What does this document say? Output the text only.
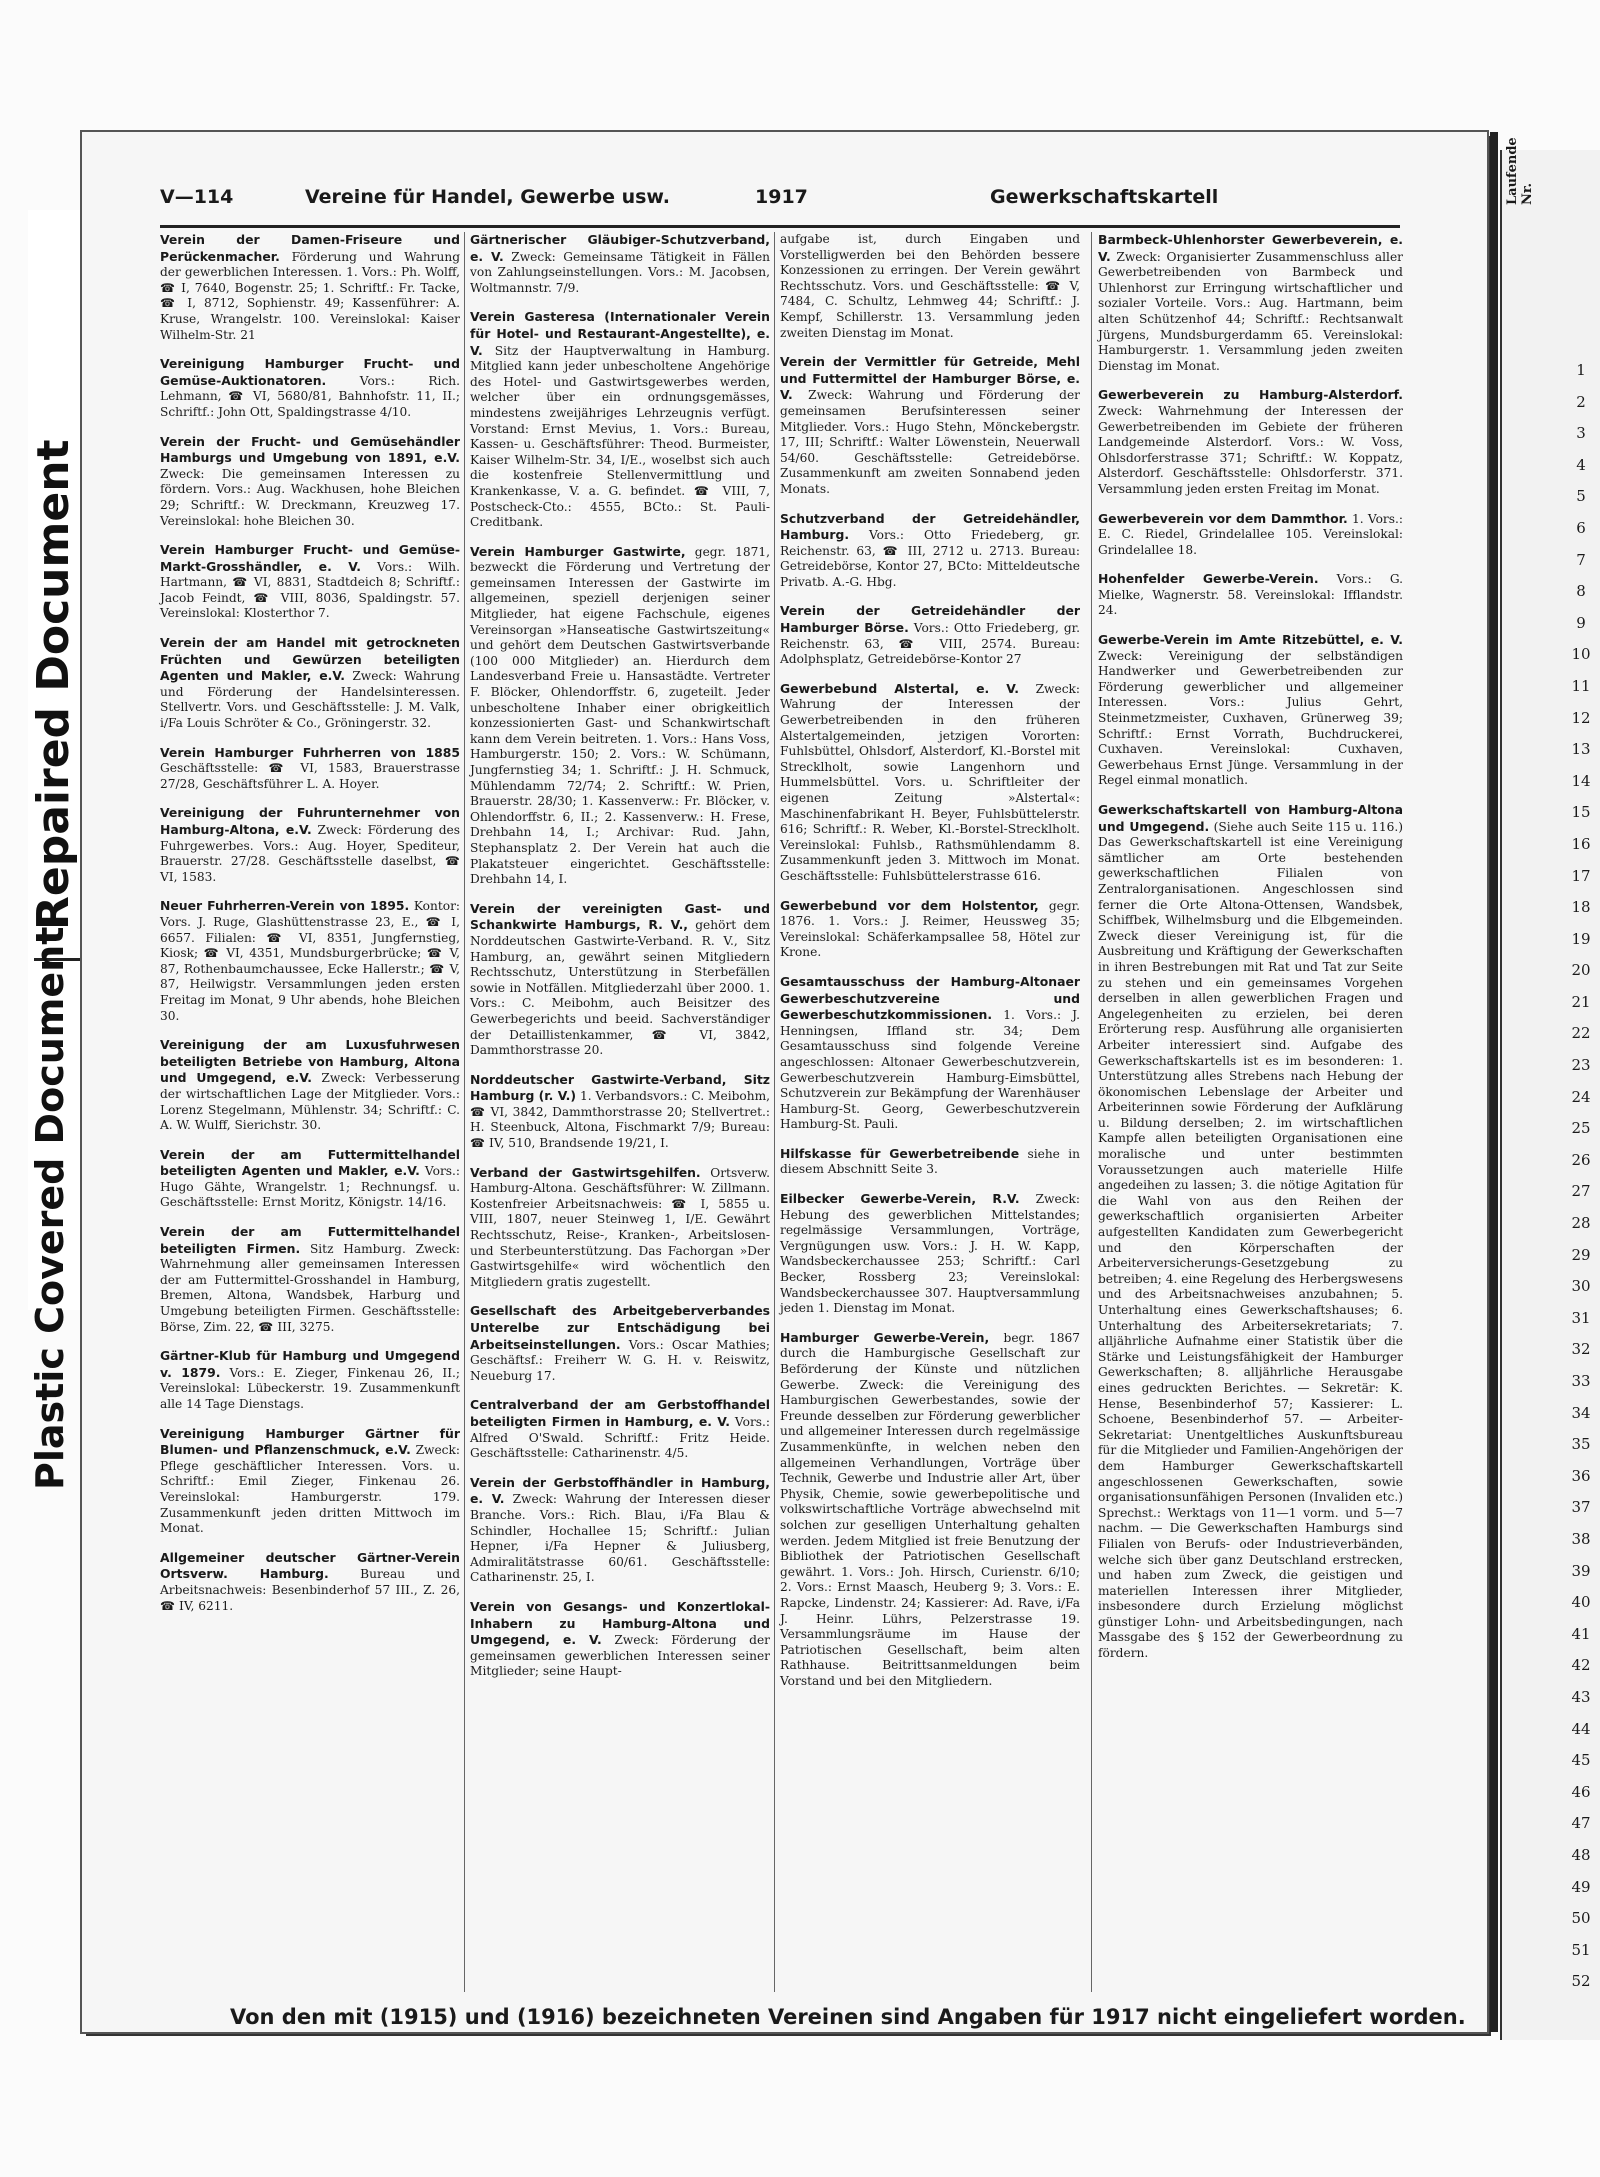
Repaired Document
Plastic Covered Document
Laufende Nr.
1
2
3
4
5
6
7
8
9
10
11
12
13
14
15
16
17
18
19
20
21
22
23
24
25
26
27
28
29
30
31
32
33
34
35
36
37
38
39
40
41
42
43
44
45
46
47
48
49
50
51
52
V—114	Vereine für Handel, Gewerbe usw.	1917	Gewerkschaftskartell
Verein der Damen-Friseure und Perückenmacher. Förderung und Wahrung der gewerblichen Interessen. 1. Vors.: Ph. Wolff, ☎ I, 7640, Bogenstr. 25; 1. Schriftf.: Fr. Tacke, ☎ I, 8712, Sophienstr. 49; Kassenführer: A. Kruse, Wrangelstr. 100. Vereinslokal: Kaiser Wilhelm-Str. 21
Vereinigung Hamburger Frucht- und Gemüse-Auktionatoren.	Vors.: Rich. Lehmann, ☎ VI, 5680/81, Bahnhofstr. 11, II.; Schriftf.: John Ott, Spaldingstrasse 4/10.
Verein der Frucht- und Gemüsehändler Hamburgs und Umgebung von 1891, e.V. Zweck: Die gemeinsamen Interessen zu fördern. Vors.: Aug. Wackhusen, hohe Bleichen 29; Schriftf.: W. Dreckmann, Kreuzweg 17. Vereinslokal: hohe Bleichen 30.
Verein Hamburger Frucht- und Gemüse-Markt-Grosshändler, e. V. Vors.: Wilh. Hartmann, ☎ VI, 8831, Stadtdeich 8; Schriftf.: Jacob Feindt, ☎ VIII, 8036, Spaldingstr. 57. Vereinslokal: Klosterthor 7.
Verein der am Handel mit getrockneten Früchten und Gewürzen beteiligten Agenten und Makler, e.V. Zweck: Wahrung und Förderung der Handelsinteressen. Stellvertr. Vors. und Geschäftsstelle: J. M. Valk, i/Fa Louis Schröter & Co., Gröningerstr. 32.
Verein Hamburger Fuhrherren von 1885 Geschäftsstelle: ☎ VI, 1583, Brauerstrasse 27/28, Geschäftsführer L. A. Hoyer.
Vereinigung der Fuhrunternehmer von Hamburg-Altona, e.V. Zweck: Förderung des Fuhrgewerbes. Vors.: Aug. Hoyer, Spediteur, Brauerstr. 27/28. Geschäftsstelle daselbst, ☎ VI, 1583.
Neuer Fuhrherren-Verein von 1895. Kontor: Vors. J. Ruge, Glashüttenstrasse 23, E., ☎ I, 6657. Filialen: ☎ VI, 8351, Jungfernstieg, Kiosk; ☎ VI, 4351, Mundsburgerbrücke; ☎ V, 87, Rothenbaumchaussee, Ecke Hallerstr.; ☎ V, 87, Heilwigstr. Versammlungen jeden ersten Freitag im Monat, 9 Uhr abends, hohe Bleichen 30.
Vereinigung der am Luxusfuhrwesen beteiligten Betriebe von Hamburg, Altona und Umgegend, e.V. Zweck: Verbesserung der wirtschaftlichen Lage der Mitglieder. Vors.: Lorenz Stegelmann, Mühlenstr. 34; Schriftf.: C. A. W. Wulff, Sierichstr. 30.
Verein der am Futtermittelhandel beteiligten Agenten und Makler, e.V. Vors.: Hugo Gähte, Wrangelstr. 1; Rechnungsf. u. Geschäftsstelle: Ernst Moritz, Königstr. 14/16.
Verein der am Futtermittelhandel beteiligten Firmen. Sitz Hamburg. Zweck: Wahrnehmung aller gemeinsamen Interessen der am Futtermittel-Grosshandel in Hamburg, Bremen, Altona, Wandsbek, Harburg und Umgebung beteiligten Firmen. Geschäftsstelle: Börse, Zim. 22, ☎ III, 3275.
Gärtner-Klub für Hamburg und Umgegend v. 1879. Vors.: E. Zieger, Finkenau 26, II.; Vereinslokal: Lübeckerstr. 19. Zusammenkunft alle 14 Tage Dienstags.
Vereinigung Hamburger Gärtner für Blumen- und Pflanzenschmuck, e.V. Zweck: Pflege geschäftlicher Interessen. Vors. u. Schriftf.: Emil Zieger, Finkenau 26. Vereinslokal: Hamburgerstr. 179. Zusammenkunft jeden dritten Mittwoch im Monat.
Allgemeiner deutscher Gärtner-Verein Ortsverw. Hamburg.	Bureau und Arbeitsnachweis: Besenbinderhof 57 III., Z. 26, ☎ IV, 6211.
Gärtnerischer Gläubiger-Schutzverband, e. V. Zweck: Gemeinsame Tätigkeit in Fällen von Zahlungseinstellungen. Vors.: M. Jacobsen, Woltmannstr. 7/9.
Verein Gasteresa (Internationaler Verein für Hotel- und Restaurant-Angestellte), e. V. Sitz der Hauptverwaltung in Hamburg. Mitglied kann jeder unbescholtene Angehörige des Hotel- und Gastwirtsgewerbes werden, welcher über ein ordnungsgemässes, mindestens zweijähriges Lehrzeugnis verfügt. Vorstand: Ernst Mevius, 1. Vors.: Bureau, Kassen- u. Geschäftsführer: Theod. Burmeister, Kaiser Wilhelm-Str. 34, I/E., woselbst sich auch die kostenfreie Stellenvermittlung und Krankenkasse, V. a. G. befindet. ☎ VIII, 7, Postscheck-Cto.: 4555, BCto.: St. Pauli-Creditbank.
Verein Hamburger Gastwirte, gegr. 1871, bezweckt die Förderung und Vertretung der gemeinsamen Interessen der Gastwirte im allgemeinen, speziell derjenigen seiner Mitglieder, hat eigene Fachschule, eigenes Vereinsorgan »Hanseatische Gastwirtszeitung« und gehört dem Deutschen Gastwirtsverbande (100 000 Mitglieder) an. Hierdurch dem Landesverband Freie u. Hansastädte. Vertreter F. Blöcker, Ohlendorffstr. 6, zugeteilt. Jeder unbescholtene Inhaber einer obrigkeitlich konzessionierten Gast- und Schankwirtschaft kann dem Verein beitreten. 1. Vors.: Hans Voss, Hamburgerstr. 150; 2. Vors.: W. Schümann, Jungfernstieg 34; 1. Schriftf.: J. H. Schmuck, Mühlendamm 72/74; 2. Schriftf.: W. Prien, Brauerstr. 28/30; 1. Kassenverw.: Fr. Blöcker, v. Ohlendorffstr. 6, II.; 2. Kassenverw.: H. Frese, Drehbahn 14, I.; Archivar: Rud. Jahn, Stephansplatz 2. Der Verein hat auch die Plakatsteuer eingerichtet. Geschäftsstelle: Drehbahn 14, I.
Verein der vereinigten Gast- und Schankwirte Hamburgs, R. V., gehört dem Norddeutschen Gastwirte-Verband. R. V., Sitz Hamburg, an, gewährt seinen Mitgliedern Rechtsschutz, Unterstützung in Sterbefällen sowie in Notfällen. Mitgliederzahl über 2000. 1. Vors.: C. Meibohm, auch Beisitzer des Gewerbegerichts und beeid. Sachverständiger der Detaillistenkammer, ☎ VI, 3842, Dammthorstrasse 20.
Norddeutscher Gastwirte-Verband, Sitz Hamburg (r. V.) 1. Verbandsvors.: C. Meibohm, ☎ VI, 3842, Dammthorstrasse 20; Stellvertret.: H. Steenbuck, Altona, Fischmarkt 7/9; Bureau: ☎ IV, 510, Brandsende 19/21, I.
Verband der Gastwirtsgehilfen. Ortsverw. Hamburg-Altona. Geschäftsführer: W. Zillmann. Kostenfreier Arbeitsnachweis: ☎ I, 5855 u. VIII, 1807, neuer Steinweg 1, I/E. Gewährt Rechtsschutz, Reise-, Kranken-, Arbeitslosen- und Sterbeunterstützung. Das Fachorgan »Der Gastwirtsgehilfe« wird wöchentlich den Mitgliedern gratis zugestellt.
Gesellschaft des Arbeitgeberverbandes Unterelbe zur Entschädigung bei Arbeitseinstellungen. Vors.: Oscar Mathies; Geschäftsf.: Freiherr W. G. H. v. Reiswitz, Neueburg 17.
Centralverband der am Gerbstoffhandel beteiligten Firmen in Hamburg, e. V. Vors.: Alfred O'Swald. Schriftf.: Fritz Heide. Geschäftsstelle: Catharinenstr. 4/5.
Verein der Gerbstoffhändler in Hamburg, e. V. Zweck: Wahrung der Interessen dieser Branche. Vors.: Rich. Blau, i/Fa Blau & Schindler, Hochallee 15; Schriftf.: Julian Hepner, i/Fa Hepner & Juliusberg, Admiralitätstrasse 60/61. Geschäftsstelle: Catharinenstr. 25, I.
Verein von Gesangs- und Konzertlokal-Inhabern zu Hamburg-Altona und Umgegend, e. V. Zweck: Förderung der gemeinsamen gewerblichen Interessen seiner Mitglieder; seine Haupt-
aufgabe ist, durch Eingaben und Vorstelligwerden bei den Behörden bessere Konzessionen zu erringen. Der Verein gewährt Rechtsschutz. Vors. und Geschäftsstelle: ☎ V, 7484, C. Schultz, Lehmweg 44; Schriftf.: J. Kempf, Schillerstr. 13. Versammlung jeden zweiten Dienstag im Monat.
Verein der Vermittler für Getreide, Mehl und Futtermittel der Hamburger Börse, e. V. Zweck: Wahrung und Förderung der gemeinsamen Berufsinteressen seiner Mitglieder. Vors.: Hugo Stehn, Mönckebergstr. 17, III; Schriftf.: Walter Löwenstein, Neuerwall 54/60. Geschäftsstelle: Getreidebörse. Zusammenkunft am zweiten Sonnabend jeden Monats.
Schutzverband der Getreidehändler, Hamburg. Vors.: Otto Friedeberg, gr. Reichenstr. 63, ☎ III, 2712 u. 2713. Bureau: Getreidebörse, Kontor 27, BCto: Mitteldeutsche Privatb. A.-G. Hbg.
Verein der Getreidehändler der Hamburger Börse. Vors.: Otto Friedeberg, gr. Reichenstr. 63, ☎ VIII, 2574. Bureau: Adolphsplatz, Getreidebörse-Kontor 27
Gewerbebund Alstertal, e. V. Zweck: Wahrung der Interessen der Gewerbetreibenden in den früheren Alstertalgemeinden, jetzigen Vororten: Fuhlsbüttel, Ohlsdorf, Alsterdorf, Kl.-Borstel mit Strecklholt, sowie Langenhorn und Hummelsbüttel. Vors. u. Schriftleiter der eigenen Zeitung »Alstertal«: Maschinenfabrikant H. Beyer, Fuhlsbüttelerstr. 616; Schriftf.: R. Weber, Kl.-Borstel-Strecklholt. Vereinslokal: Fuhlsb., Rathsmühlendamm 8. Zusammenkunft jeden 3. Mittwoch im Monat. Geschäftsstelle: Fuhlsbüttelerstrasse 616.
Gewerbebund vor dem Holstentor, gegr. 1876. 1. Vors.: J. Reimer, Heussweg 35; Vereinslokal: Schäferkampsallee 58, Hötel zur Krone.
Gesamtausschuss der Hamburg-Altonaer Gewerbeschutzvereine und Gewerbeschutzkommissionen. 1. Vors.: J. Henningsen, Iffland str. 34; Dem Gesamtausschuss sind folgende Vereine angeschlossen: Altonaer Gewerbeschutzverein, Gewerbeschutzverein Hamburg-Eimsbüttel, Schutzverein zur Bekämpfung der Warenhäuser Hamburg-St. Georg, Gewerbeschutzverein Hamburg-St. Pauli.
Hilfskasse für Gewerbetreibende siehe in diesem Abschnitt Seite 3.
Eilbecker Gewerbe-Verein, R.V. Zweck: Hebung des gewerblichen Mittelstandes; regelmässige Versammlungen, Vorträge, Vergnügungen usw. Vors.: J. H. W. Kapp, Wandsbeckerchaussee 253; Schriftf.: Carl Becker, Rossberg 23; Vereinslokal: Wandsbeckerchaussee 307. Hauptversammlung jeden 1. Dienstag im Monat.
Hamburger Gewerbe-Verein, begr. 1867 durch die Hamburgische Gesellschaft zur Beförderung der Künste und nützlichen Gewerbe. Zweck: die Vereinigung des Hamburgischen Gewerbestandes, sowie der Freunde desselben zur Förderung gewerblicher und allgemeiner Interessen durch regelmässige Zusammenkünfte, in welchen neben den allgemeinen Verhandlungen, Vorträge über Technik, Gewerbe und Industrie aller Art, über Physik, Chemie, sowie gewerbepolitische und volkswirtschaftliche Vorträge abwechselnd mit solchen zur geselligen Unterhaltung gehalten werden. Jedem Mitglied ist freie Benutzung der Bibliothek der Patriotischen Gesellschaft gewährt. 1. Vors.: Joh. Hirsch, Curienstr. 6/10; 2. Vors.: Ernst Maasch, Heuberg 9; 3. Vors.: E. Rapcke, Lindenstr. 24; Kassierer: Ad. Rave, i/Fa J. Heinr. Lührs, Pelzerstrasse 19. Versammlungsräume im Hause der Patriotischen Gesellschaft, beim alten Rathhause. Beitrittsanmeldungen beim Vorstand und bei den Mitgliedern.
Barmbeck-Uhlenhorster Gewerbeverein, e. V. Zweck: Organisierter Zusammenschluss aller Gewerbetreibenden von Barmbeck und Uhlenhorst zur Erringung wirtschaftlicher und sozialer Vorteile. Vors.: Aug. Hartmann, beim alten Schützenhof 44; Schriftf.: Rechtsanwalt Jürgens, Mundsburgerdamm 65. Vereinslokal: Hamburgerstr. 1. Versammlung jeden zweiten Dienstag im Monat.
Gewerbeverein zu Hamburg-Alsterdorf. Zweck: Wahrnehmung der Interessen der Gewerbetreibenden im Gebiete der früheren Landgemeinde Alsterdorf. Vors.: W. Voss, Ohlsdorferstrasse 371; Schriftf.: W. Koppatz, Alsterdorf. Geschäftsstelle: Ohlsdorferstr. 371. Versammlung jeden ersten Freitag im Monat.
Gewerbeverein vor dem Dammthor. 1. Vors.: E. C. Riedel, Grindelallee 105. Vereinslokal: Grindelallee 18.
Hohenfelder Gewerbe-Verein. Vors.: G. Mielke, Wagnerstr. 58. Vereinslokal: Ifflandstr. 24.
Gewerbe-Verein im Amte Ritzebüttel, e. V. Zweck: Vereinigung der selbständigen Handwerker und Gewerbetreibenden zur Förderung gewerblicher und allgemeiner Interessen. Vors.: Julius Gehrt, Steinmetzmeister, Cuxhaven, Grünerweg 39; Schriftf.: Ernst Vorrath, Buchdruckerei, Cuxhaven. Vereinslokal: Cuxhaven, Gewerbehaus Ernst Jünge. Versammlung in der Regel einmal monatlich.
Gewerkschaftskartell von Hamburg-Altona und Umgegend. (Siehe auch Seite 115 u. 116.) Das Gewerkschaftskartell ist eine Vereinigung sämtlicher am Orte bestehenden gewerkschaftlichen Filialen von Zentralorganisationen. Angeschlossen sind ferner die Orte Altona-Ottensen, Wandsbek, Schiffbek, Wilhelmsburg und die Elbgemeinden. Zweck dieser Vereinigung ist, für die Ausbreitung und Kräftigung der Gewerkschaften in ihren Bestrebungen mit Rat und Tat zur Seite zu stehen und ein gemeinsames Vorgehen derselben in allen gewerblichen Fragen und Angelegenheiten zu erzielen, bei deren Erörterung resp. Ausführung alle organisierten Arbeiter interessiert sind. Aufgabe des Gewerkschaftskartells ist es im besonderen: 1. Unterstützung alles Strebens nach Hebung der ökonomischen Lebenslage der Arbeiter und Arbeiterinnen sowie Förderung der Aufklärung u. Bildung derselben; 2. im wirtschaftlichen Kampfe allen beteiligten Organisationen eine moralische und unter bestimmten Voraussetzungen auch materielle Hilfe angedeihen zu lassen; 3. die nötige Agitation für die Wahl von aus den Reihen der gewerkschaftlich organisierten Arbeiter aufgestellten Kandidaten zum Gewerbegericht und den Körperschaften der Arbeiterversicherungs-Gesetzgebung zu betreiben; 4. eine Regelung des Herbergswesens und des Arbeitsnachweises anzubahnen; 5. Unterhaltung eines Gewerkschaftshauses; 6. Unterhaltung des Arbeitersekretariats; 7. alljährliche Aufnahme einer Statistik über die Stärke und Leistungsfähigkeit der Hamburger Gewerkschaften; 8. alljährliche Herausgabe eines gedruckten Berichtes. — Sekretär: K. Hense, Besenbinderhof 57; Kassierer: L. Schoene, Besenbinderhof 57. — Arbeiter-Sekretariat: Unentgeltliches Auskunftsbureau für die Mitglieder und Familien-Angehörigen der dem Hamburger Gewerkschaftskartell angeschlossenen Gewerkschaften, sowie organisationsunfähigen Personen (Invaliden etc.) Sprechst.: Werktags von 11—1 vorm. und 5—7 nachm. — Die Gewerkschaften Hamburgs sind Filialen von Berufs- oder Industrieverbänden, welche sich über ganz Deutschland erstrecken, und haben zum Zweck, die geistigen und materiellen Interessen ihrer Mitglieder, insbesondere durch Erzielung möglichst günstiger Lohn- und Arbeitsbedingungen, nach Massgabe des § 152 der Gewerbeordnung zu fördern.
Von den mit (1915) und (1916) bezeichneten Vereinen sind Angaben für 1917 nicht eingeliefert worden.
